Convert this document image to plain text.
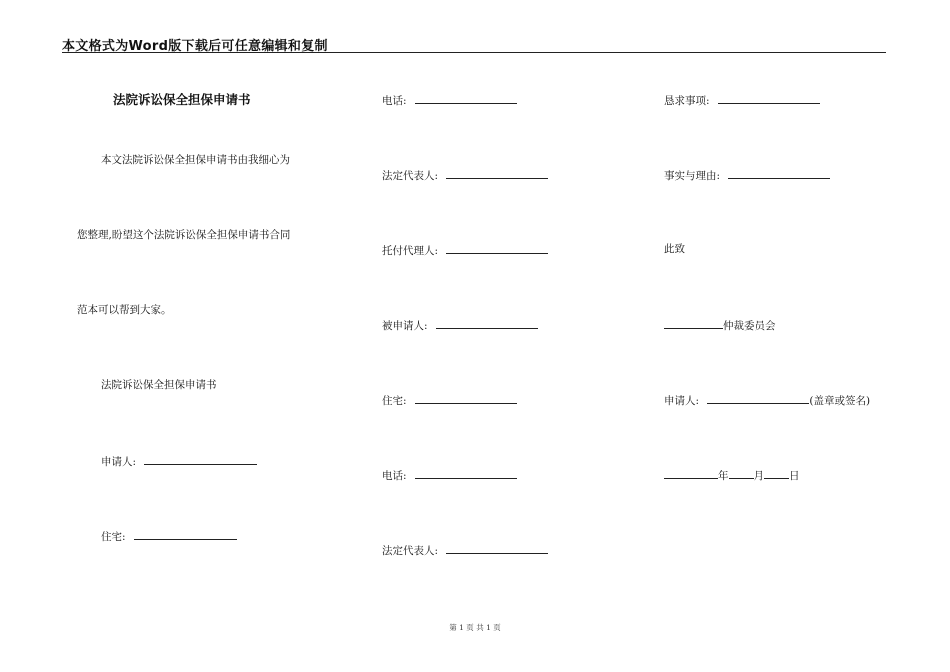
本文格式为Word版下载后可任意编辑和复制
法院诉讼保全担保申请书
本文法院诉讼保全担保申请书由我细心为
您整理,盼望这个法院诉讼保全担保申请书合同
范本可以帮到大家。
法院诉讼保全担保申请书
申请人:
住宅:
电话:
法定代表人:
托付代理人:
被申请人:
住宅:
电话:
法定代表人:
恳求事项:
事实与理由:
此致
仲裁委员会
申请人:	(盖章或签名)
年 月 日
第 1 页 共 1 页
